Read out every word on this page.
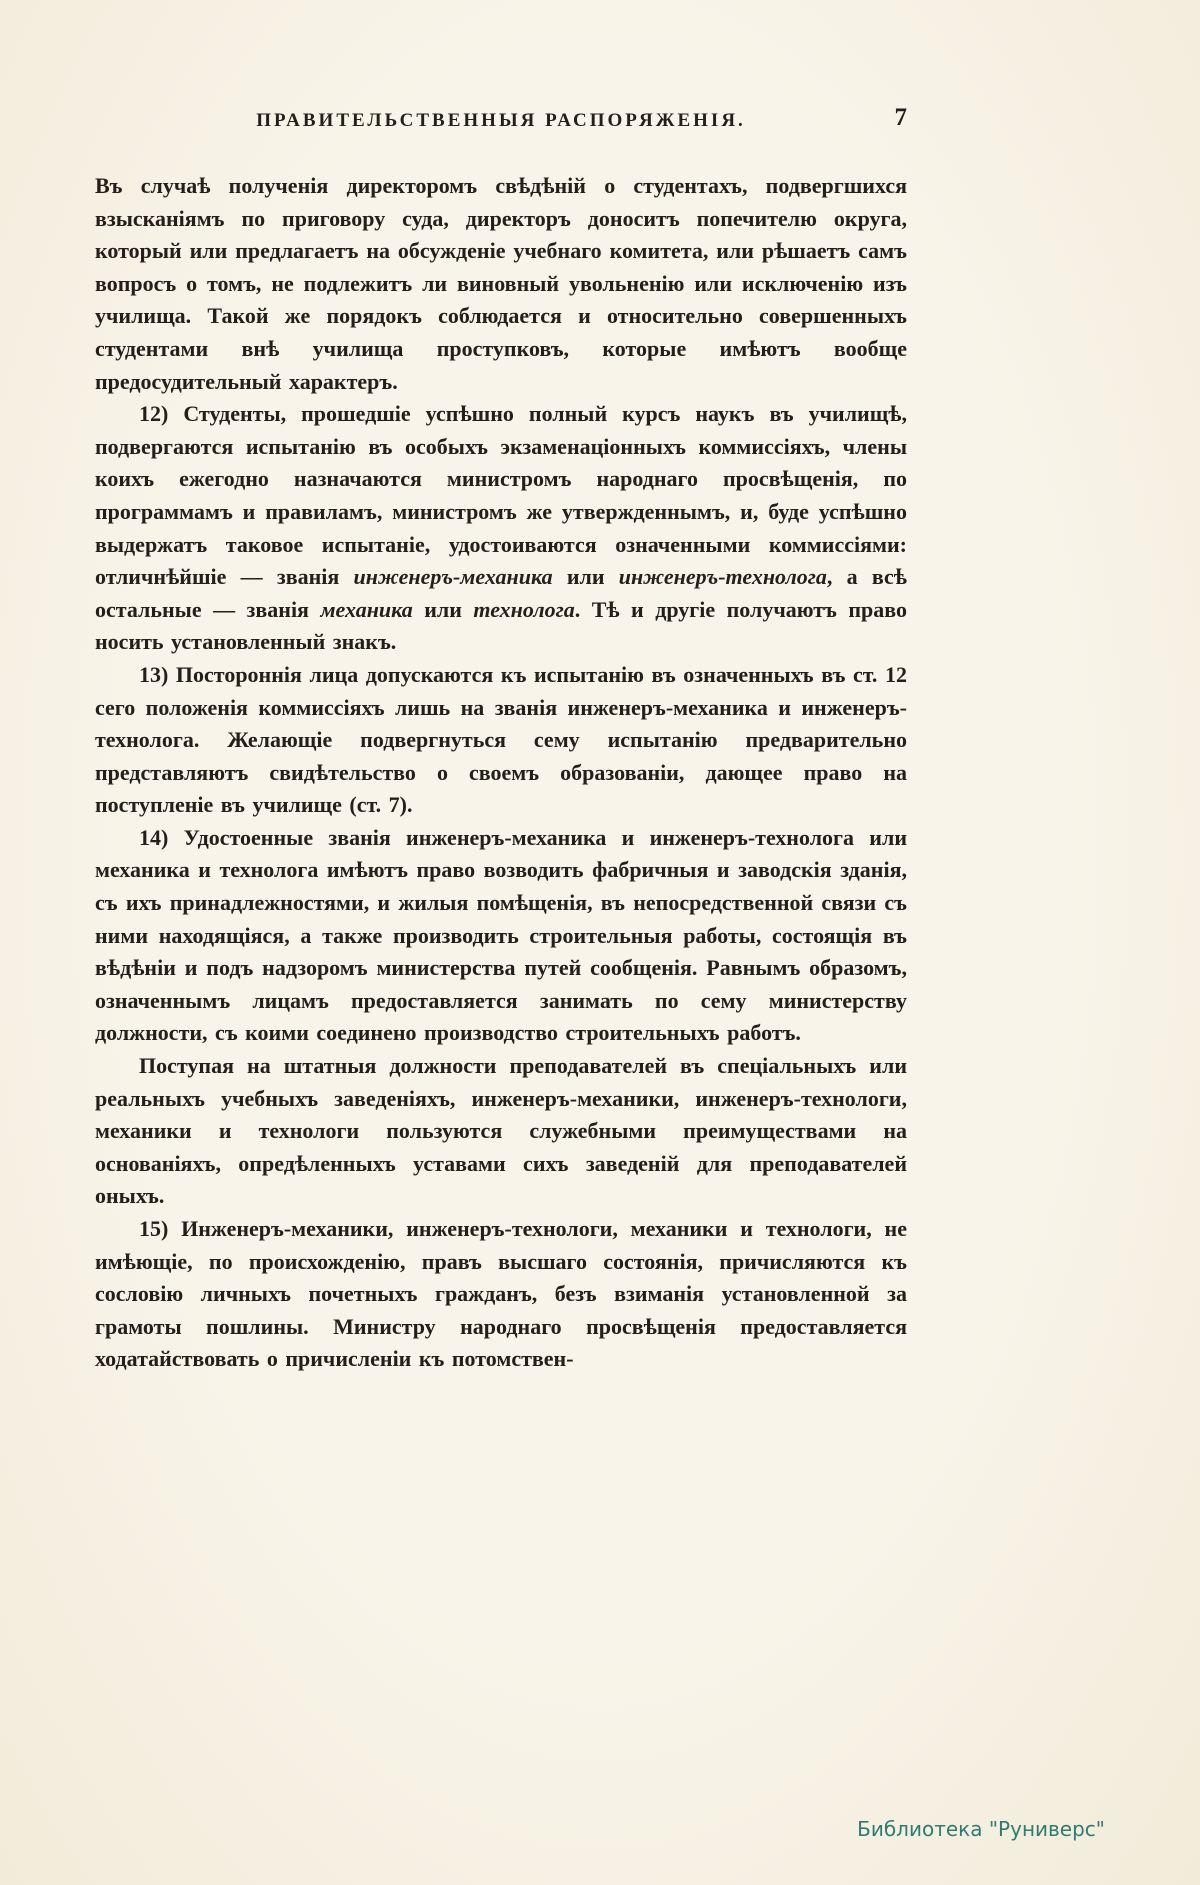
ПРАВИТЕЛЬСТВЕННЫЯ РАСПОРЯЖЕНІЯ.	7

Въ случаѣ полученія директоромъ свѣдѣній о студентахъ, подвергшихся взысканіямъ по приговору суда, директоръ доноситъ попечителю округа, который или предлагаетъ на обсужденіе учебнаго комитета, или рѣшаетъ самъ вопросъ о томъ, не подлежитъ ли виновный увольненію или исключенію изъ училища. Такой же порядокъ соблюдается и относительно совершенныхъ студентами внѣ училища проступковъ, которые имѣютъ вообще предосудительный характеръ.

12) Студенты, прошедшіе успѣшно полный курсъ наукъ въ училищѣ, подвергаются испытанію въ особыхъ экзаменаціонныхъ коммиссіяхъ, члены коихъ ежегодно назначаются министромъ народнаго просвѣщенія, по программамъ и правиламъ, министромъ же утвержденнымъ, и, буде успѣшно выдержатъ таковое испытаніе, удостоиваются означенными коммиссіями: отличнѣйшіе — званія инженеръ-механика или инженеръ-технолога, а всѣ остальные — званія механика или технолога. Тѣ и другіе получаютъ право носить установленный знакъ.

13) Постороннія лица допускаются къ испытанію въ означенныхъ въ ст. 12 сего положенія коммиссіяхъ лишь на званія инженеръ-механика и инженеръ-технолога. Желающіе подвергнуться сему испытанію предварительно представляютъ свидѣтельство о своемъ образованіи, дающее право на поступленіе въ училище (ст. 7).

14) Удостоенные званія инженеръ-механика и инженеръ-технолога или механика и технолога имѣютъ право возводить фабричныя и заводскія зданія, съ ихъ принадлежностями, и жилыя помѣщенія, въ непосредственной связи съ ними находящіяся, а также производить строительныя работы, состоящія въ вѣдѣніи и подъ надзоромъ министерства путей сообщенія. Равнымъ образомъ, означеннымъ лицамъ предоставляется занимать по сему министерству должности, съ коими соединено производство строительныхъ работъ.

Поступая на штатныя должности преподавателей въ спеціальныхъ или реальныхъ учебныхъ заведеніяхъ, инженеръ-механики, инженеръ-технологи, механики и технологи пользуются служебными преимуществами на основаніяхъ, опредѣленныхъ уставами сихъ заведеній для преподавателей оныхъ.

15) Инженеръ-механики, инженеръ-технологи, механики и технологи, не имѣющіе, по происхожденію, правъ высшаго состоянія, причисляются къ сословію личныхъ почетныхъ гражданъ, безъ взиманія установленной за грамоты пошлины. Министру народнаго просвѣщенія предоставляется ходатайствовать о причисленіи къ потомствен-

Библиотека "Руниверс"
